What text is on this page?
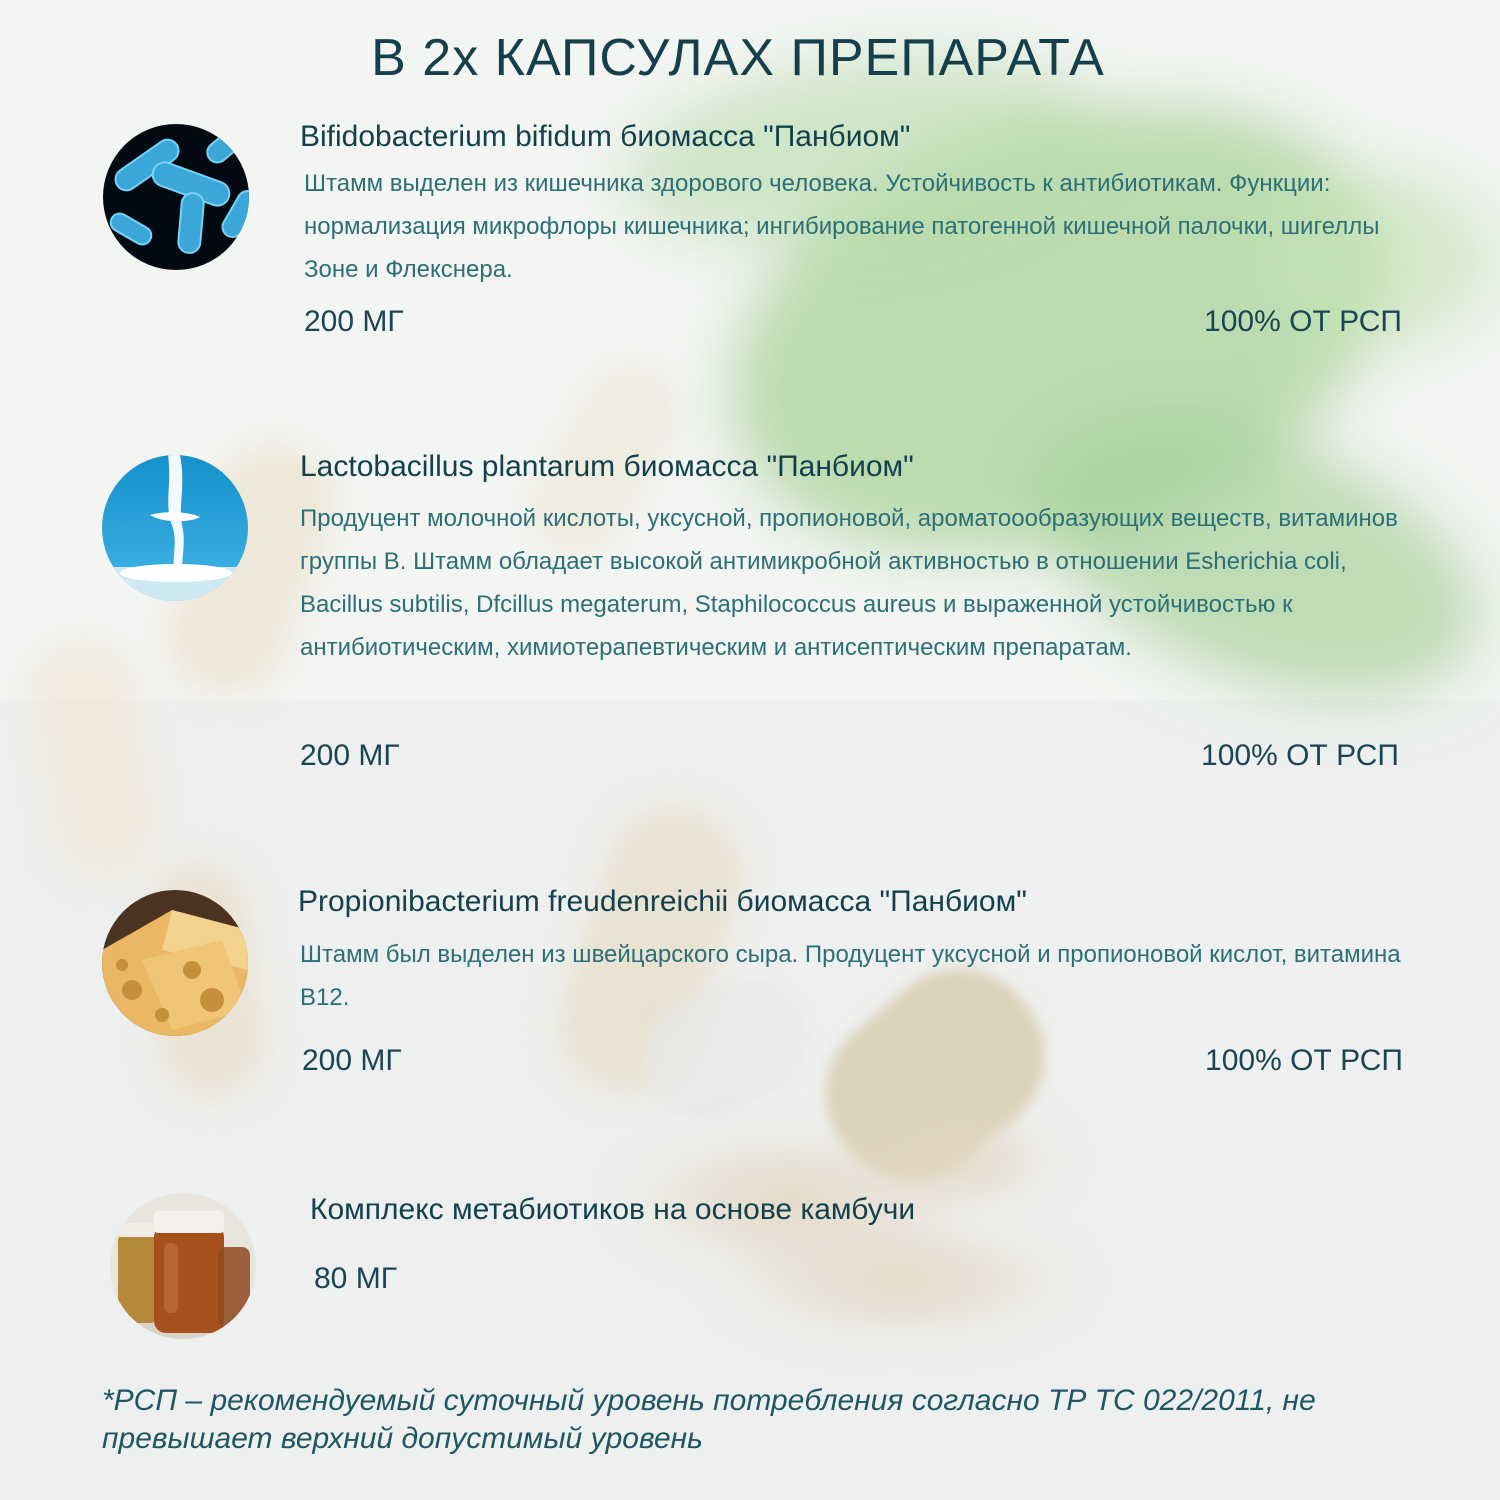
В 2х КАПСУЛАХ ПРЕПАРАТА
Bifidobacterium bifidum биомасса "Панбиом"
Штамм выделен из кишечника здорового человека. Устойчивость к антибиотикам. Функции: нормализация микрофлоры кишечника; ингибирование патогенной кишечной палочки, шигеллы Зоне и Флекснера.
200 МГ	100% ОТ РСП
Lactobacillus plantarum биомасса "Панбиом"
Продуцент молочной кислоты, уксусной, пропионовой, ароматоообразующих веществ, витаминов группы В. Штамм обладает высокой антимикробной активностью в отношении Esherichia coli, Bacillus subtilis, Dfcillus megaterum, Staphilococcus aureus и выраженной устойчивостью к антибиотическим, химиотерапевтическим и антисептическим препаратам.
200 МГ	100% ОТ РСП
Propionibacterium freudenreichii биомасса "Панбиом"
Штамм был выделен из швейцарского сыра. Продуцент уксусной и пропионовой кислот, витамина В12.
200 МГ	100% ОТ РСП
Комплекс метабиотиков на основе камбучи
80 МГ
*РСП – рекомендуемый суточный уровень потребления согласно ТР ТС 022/2011, не превышает верхний допустимый уровень
